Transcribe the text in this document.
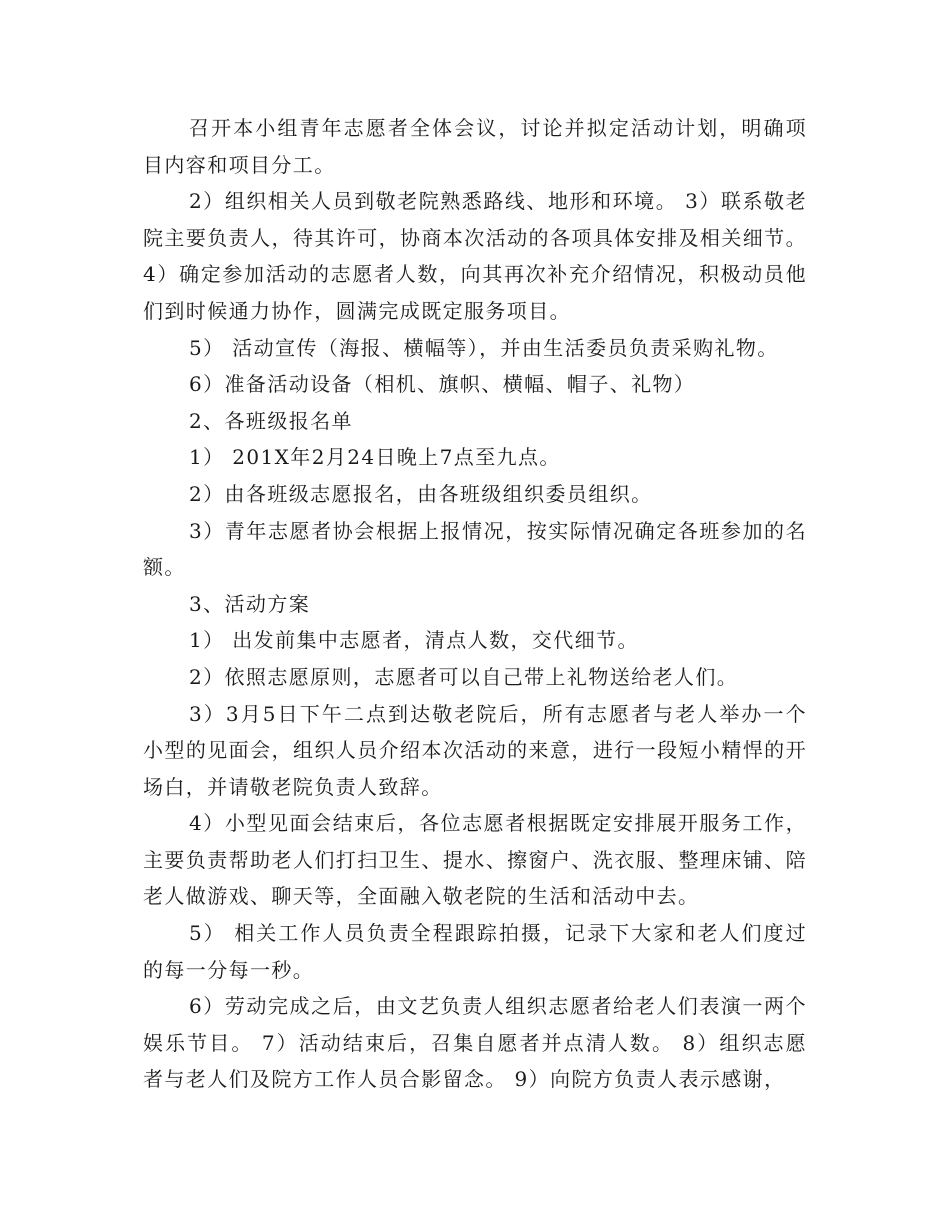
召开本小组青年志愿者全体会议，讨论并拟定活动计划，明确项目内容和项目分工。

2）组织相关人员到敬老院熟悉路线、地形和环境。 3）联系敬老院主要负责人，待其许可，协商本次活动的各项具体安排及相关细节。 4）确定参加活动的志愿者人数，向其再次补充介绍情况，积极动员他们到时候通力协作，圆满完成既定服务项目。

5） 活动宣传（海报、横幅等），并由生活委员负责采购礼物。

6）准备活动设备（相机、旗帜、横幅、帽子、礼物）

2、各班级报名单

1） 201X年2月24日晚上7点至九点。

2）由各班级志愿报名，由各班级组织委员组织。

3）青年志愿者协会根据上报情况，按实际情况确定各班参加的名额。

3、活动方案

1） 出发前集中志愿者，清点人数，交代细节。

2）依照志愿原则，志愿者可以自己带上礼物送给老人们。

3）3月5日下午二点到达敬老院后，所有志愿者与老人举办一个小型的见面会，组织人员介绍本次活动的来意，进行一段短小精悍的开场白，并请敬老院负责人致辞。

4）小型见面会结束后，各位志愿者根据既定安排展开服务工作，主要负责帮助老人们打扫卫生、提水、擦窗户、洗衣服、整理床铺、陪老人做游戏、聊天等，全面融入敬老院的生活和活动中去。

5） 相关工作人员负责全程跟踪拍摄，记录下大家和老人们度过的每一分每一秒。

6）劳动完成之后，由文艺负责人组织志愿者给老人们表演一两个娱乐节目。 7）活动结束后，召集自愿者并点清人数。 8）组织志愿者与老人们及院方工作人员合影留念。 9）向院方负责人表示感谢，
